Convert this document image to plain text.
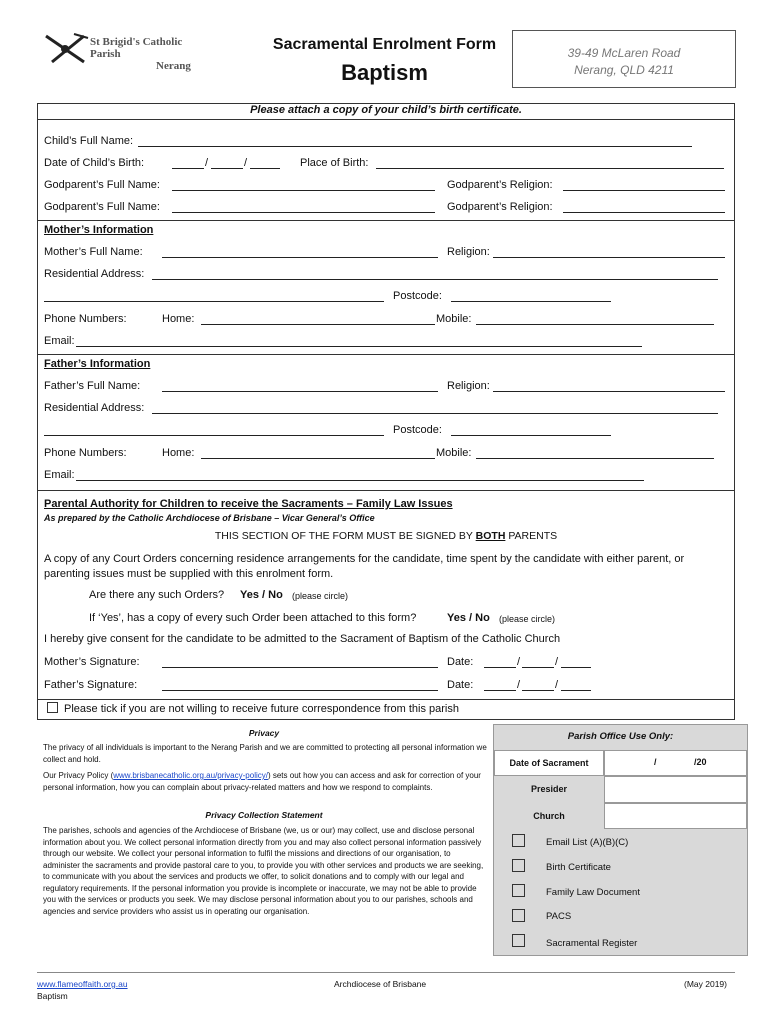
St Brigid's Catholic Parish
Nerang
Sacramental Enrolment Form
Baptism
39-49 McLaren Road
Nerang, QLD 4211
Please attach a copy of your child’s birth certificate.
Child’s Full Name:
Date of Child’s Birth:	/	/	Place of Birth:
Godparent’s Full Name:	Godparent’s Religion:
Godparent’s Full Name:	Godparent’s Religion:
Mother’s Information
Mother’s Full Name:	Religion:
Residential Address:
Postcode:
Phone Numbers:	Home:	Mobile:
Email:
Father’s Information
Father’s Full Name:	Religion:
Residential Address:
Postcode:
Phone Numbers:	Home:	Mobile:
Email:
Parental Authority for Children to receive the Sacraments – Family Law Issues
As prepared by the Catholic Archdiocese of Brisbane – Vicar General’s Office
THIS SECTION OF THE FORM MUST BE SIGNED BY BOTH PARENTS
A copy of any Court Orders concerning residence arrangements for the candidate, time spent by the candidate with either parent, or parenting issues must be supplied with this enrolment form.
Are there any such Orders? Yes / No (please circle)
If ‘Yes’, has a copy of every such Order been attached to this form?	Yes / No (please circle)
I hereby give consent for the candidate to be admitted to the Sacrament of Baptism of the Catholic Church
Mother’s Signature:	Date:	/	/
Father’s Signature:	Date:	/	/
Please tick if you are not willing to receive future correspondence from this parish
Privacy
The privacy of all individuals is important to the Nerang Parish and we are committed to protecting all personal information we collect and hold.
Our Privacy Policy (www.brisbanecatholic.org.au/privacy-policy/) sets out how you can access and ask for correction of your personal information, how you can complain about privacy-related matters and how we respond to complaints.
Privacy Collection Statement
The parishes, schools and agencies of the Archdiocese of Brisbane (we, us or our) may collect, use and disclose personal information about you. We collect personal information directly from you and may also collect personal information passively through our website. We collect your personal information to fulfil the missions and directions of our organisation, to administer the sacraments and provide pastoral care to you, to provide you with other services and products we are seeking, to communicate with you about the services and products we offer, to solicit donations and to comply with our legal and regulatory requirements. If the personal information you provide is incomplete or inaccurate, we may not be able to provide you with the services or products you seek. We may disclose personal information about you to our parishes, schools and agencies and service providers who assist us in operating our organisation.
Parish Office Use Only:
Date of Sacrament	/	/20
Presider
Church
Email List (A)(B)(C)
Birth Certificate
Family Law Document
PACS
Sacramental Register
www.flameoffaith.org.au
Baptism
Archdiocese of Brisbane	(May 2019)
